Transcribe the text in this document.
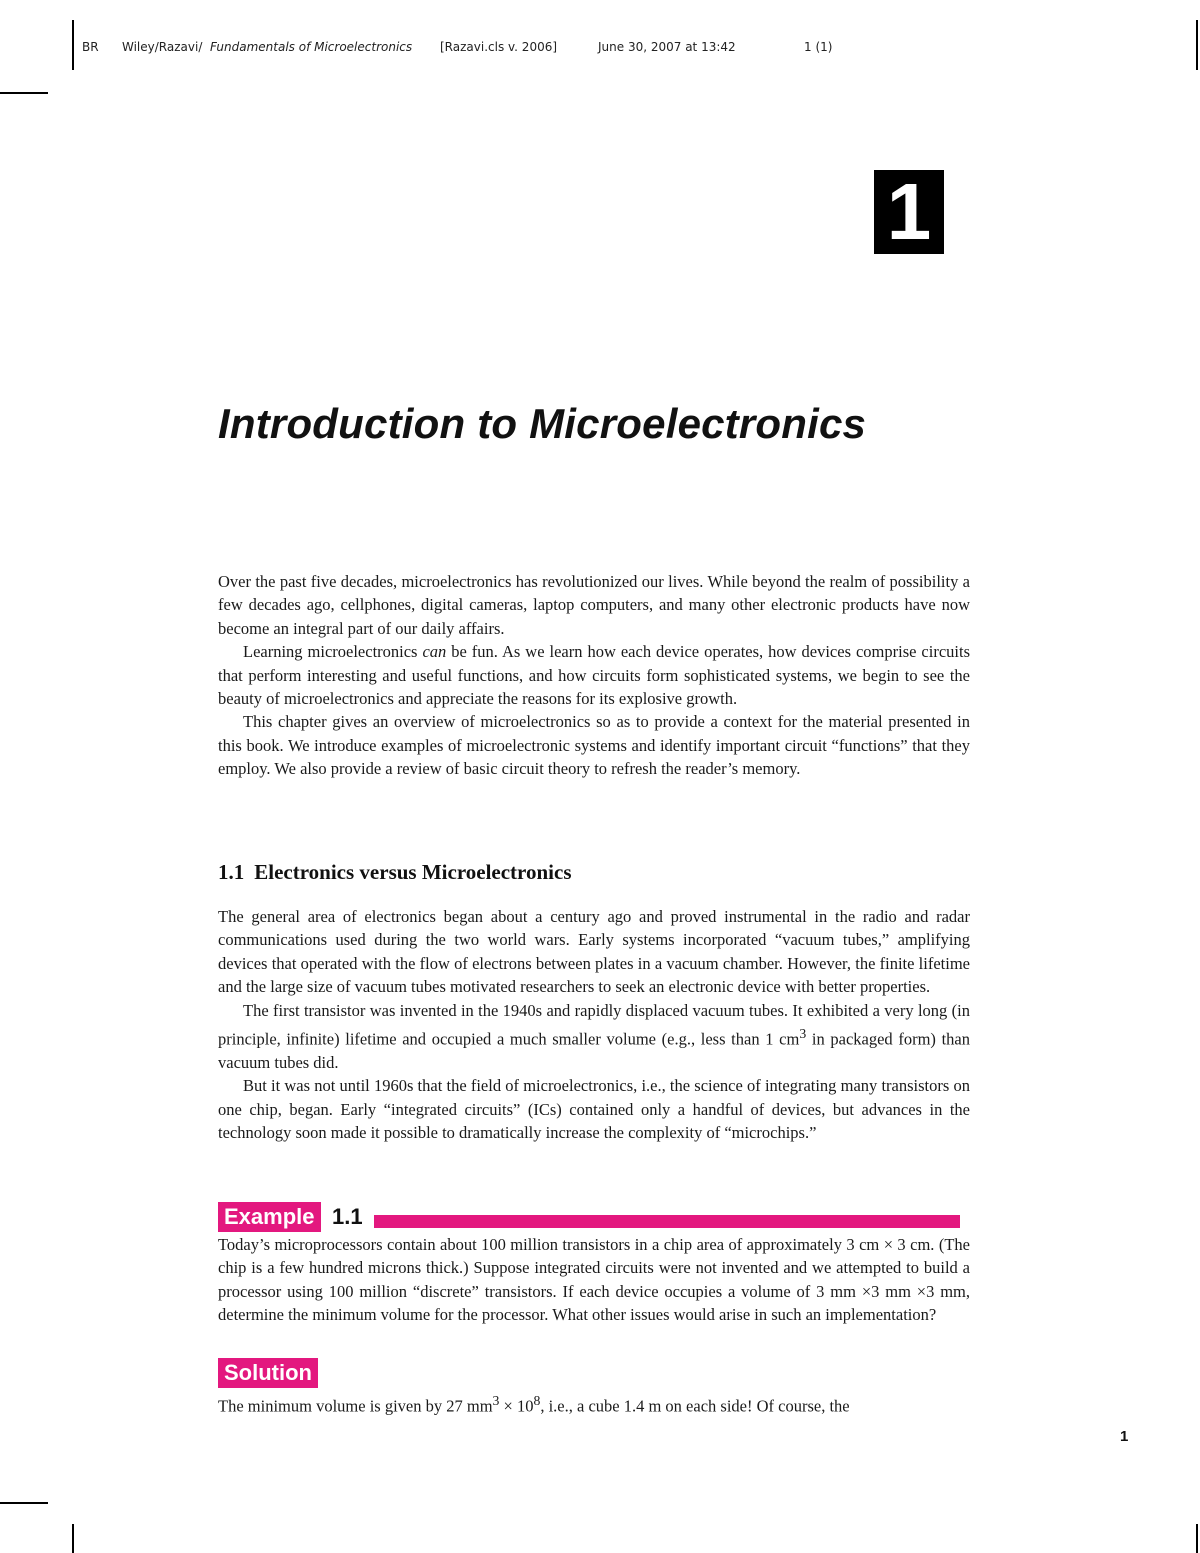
BR Wiley/Razavi/ Fundamentals of Microelectronics [Razavi.cls v. 2006]	June 30, 2007 at 13:42	1 (1)
1
Introduction to Microelectronics

Over the past five decades, microelectronics has revolutionized our lives. While beyond the realm of possibility a few decades ago, cellphones, digital cameras, laptop computers, and many other electronic products have now become an integral part of our daily affairs.

Learning microelectronics can be fun. As we learn how each device operates, how devices comprise circuits that perform interesting and useful functions, and how circuits form sophisticated systems, we begin to see the beauty of microelectronics and appreciate the reasons for its explosive growth.

This chapter gives an overview of microelectronics so as to provide a context for the material presented in this book. We introduce examples of microelectronic systems and identify important circuit “functions” that they employ. We also provide a review of basic circuit theory to refresh the reader’s memory.

1.1 Electronics versus Microelectronics

The general area of electronics began about a century ago and proved instrumental in the radio and radar communications used during the two world wars. Early systems incorporated “vacuum tubes,” amplifying devices that operated with the flow of electrons between plates in a vacuum chamber. However, the finite lifetime and the large size of vacuum tubes motivated researchers to seek an electronic device with better properties.

The first transistor was invented in the 1940s and rapidly displaced vacuum tubes. It exhibited a very long (in principle, infinite) lifetime and occupied a much smaller volume (e.g., less than 1 $cm^3$ in packaged form) than vacuum tubes did.

But it was not until 1960s that the field of microelectronics, i.e., the science of integrating many transistors on one chip, began. Early “integrated circuits” (ICs) contained only a handful of devices, but advances in the technology soon made it possible to dramatically increase the complexity of “microchips.”

Example 1.1

Today’s microprocessors contain about 100 million transistors in a chip area of approximately 3 cm × 3 cm. (The chip is a few hundred microns thick.) Suppose integrated circuits were not invented and we attempted to build a processor using 100 million “discrete” transistors. If each device occupies a volume of 3 mm ×3 mm ×3 mm, determine the minimum volume for the processor. What other issues would arise in such an implementation?

Solution

The minimum volume is given by 27 $mm^3 \times 10^8$, i.e., a cube 1.4 m on each side! Of course, the

1
